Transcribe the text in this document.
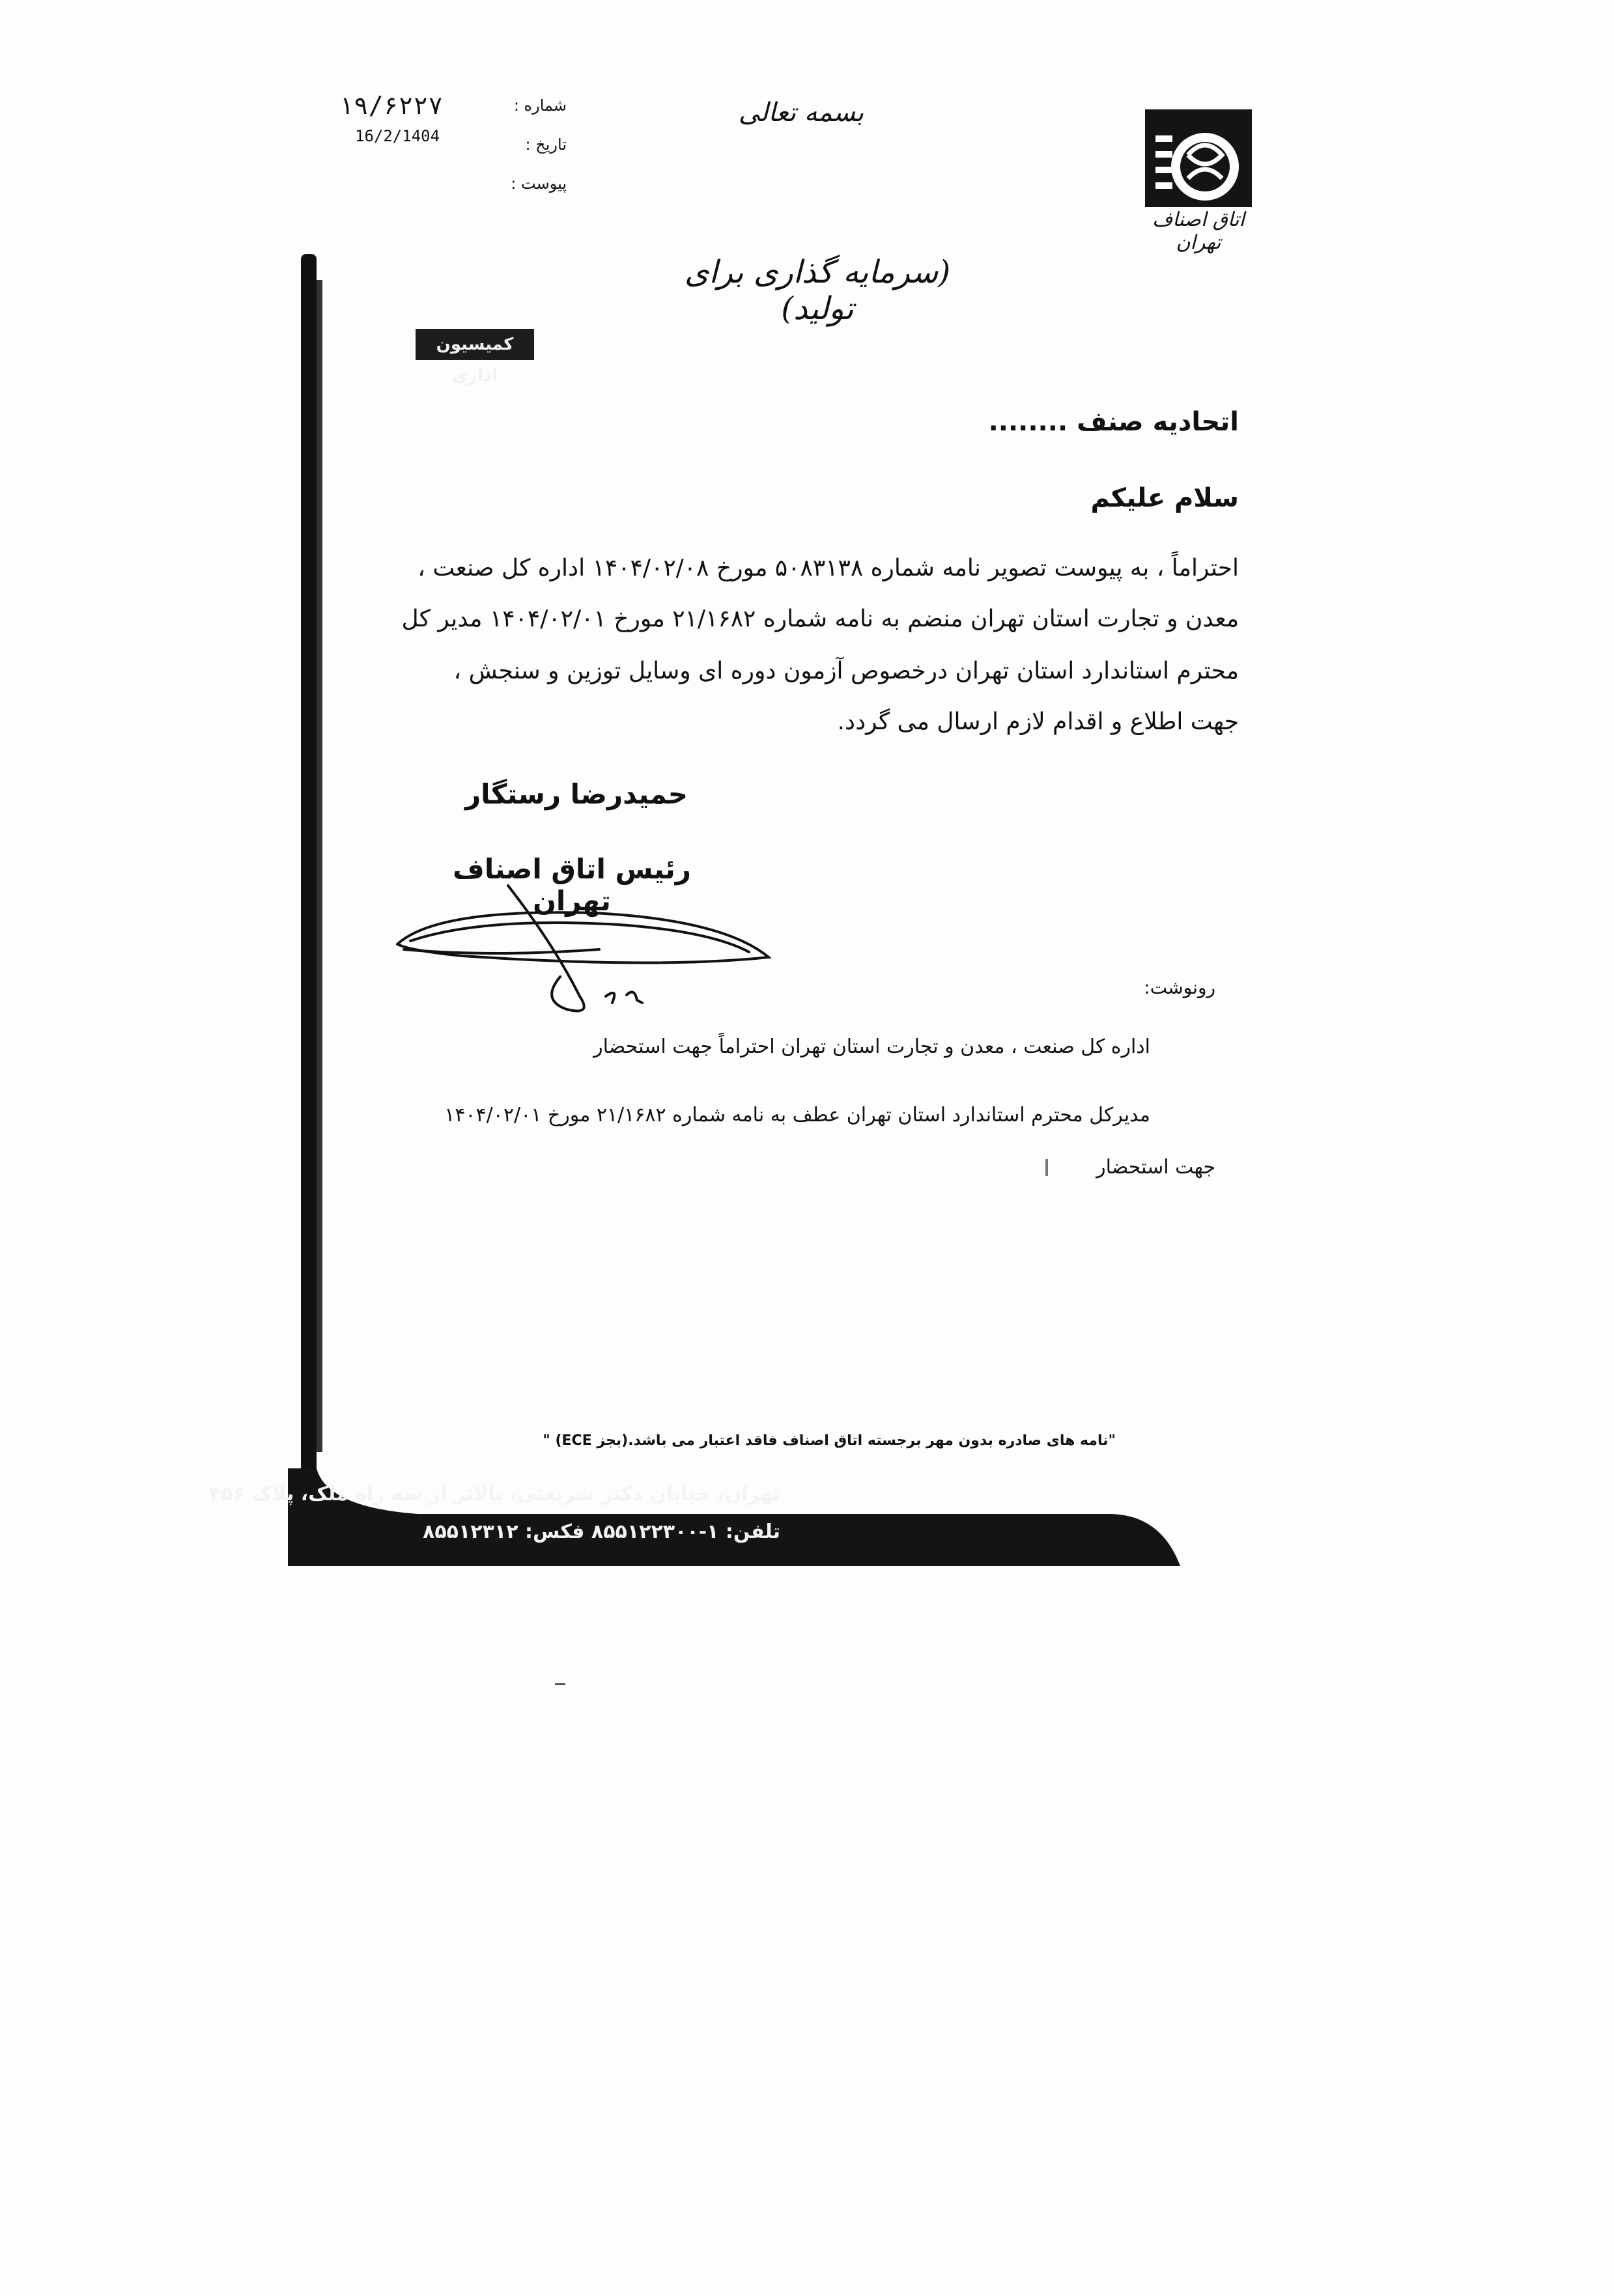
بسمه تعالی
شماره :
۱۹/۶۲۲۷
تاریخ :
16/2/1404
پیوست :
(سرمایه گذاری برای تولید)
اتاق اصناف تهران
کمیسیون اداری
اتحادیه صنف ........
سلام علیکم
احتراماً ، به پیوست تصویر نامه شماره ۵۰۸۳۱۳۸ مورخ ۱۴۰۴/۰۲/۰۸ اداره کل صنعت ،
معدن و تجارت استان تهران منضم به نامه شماره ۲۱/۱۶۸۲ مورخ ۱۴۰۴/۰۲/۰۱ مدیر کل
محترم استاندارد استان تهران درخصوص آزمون دوره ای وسایل توزین و سنجش ،
جهت اطلاع و اقدام لازم ارسال می گردد.
حمیدرضا رستگار
رئیس اتاق اصناف تهران
رونوشت:
اداره کل صنعت ، معدن و تجارت استان تهران احتراماً جهت استحضار
مدیرکل محترم استاندارد استان تهران عطف به نامه شماره ۲۱/۱۶۸۲ مورخ ۱۴۰۴/۰۲/۰۱
جهت استحضار
"نامه های صادره بدون مهر برجسته اتاق اصناف فاقد اعتبار می باشد.(بجز ECE) "
تهران، خیابان دکتر شریعتی، بالاتر از سه راه ملک، پلاک ۴۵۶
تلفن: ۱-۸۵۵۱۲۲۳۰۰ فکس: ۸۵۵۱۲۳۱۲
